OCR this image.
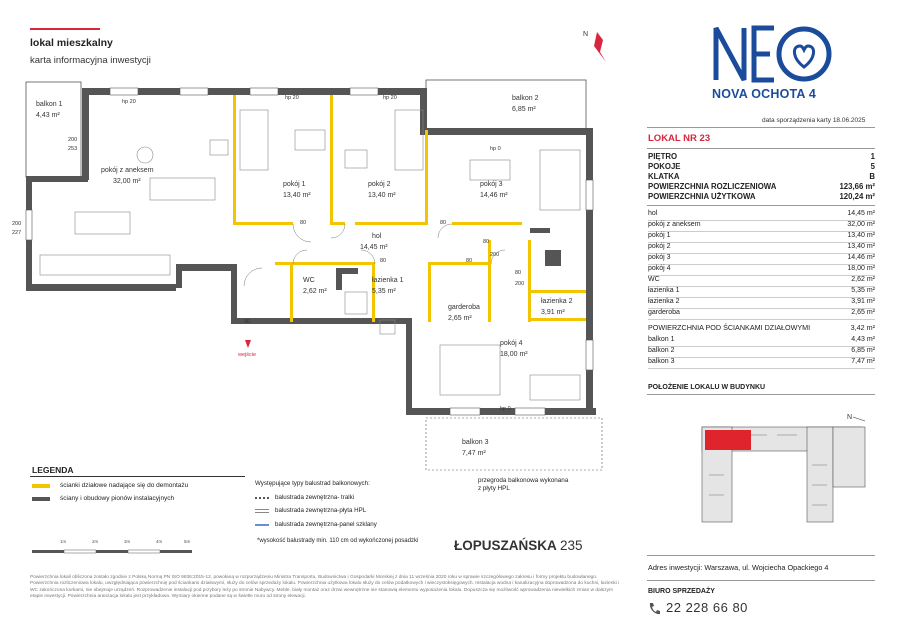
lokal mieszkalny
karta informacyjna inwestycji
wejście
N
balkon 1
4,43 m²
balkon 2
6,85 m²
balkon 3
7,47 m²
pokój z aneksem
32,00 m²	pokój 1
13,40 m²
pokój 2
13,40 m²
pokój 3
14,46 m²
pokój 4
18,00 m²
hol
14,45 m²
WC
2,62 m²
łazienka 1
5,35 m²
łazienka 2
3,91 m²
garderoba
2,65 m²
hp 20
hp 20	hp 20
hp 0
hp 0
200
253
200
227
80
200
80
200
90
80	80
80	80
LEGENDA
ścianki działowe nadające się do demontażu
ściany i obudowy pionów instalacyjnych
Występujące typy balustrad balkonowych:
balustrada zewnętrzna- tralki
balustrada zewnętrzna-płyta HPL
balustrada zewnętrzna-panel szklany
*wysokość balustrady min. 110 cm od wykończonej posadzki
przegroda balkonowa wykonana
z płyty HPL
1m	2m	3m	4m	5m	ŁOPUSZAŃSKA 235
Powierzchnia lokali obliczona zostało zgodnie z Polską Normą PN ISO 9836:2015-12, powołaną w rozporządzeniu Ministra Transportu, Budownictwa i Gospodarki Morskiej z dnia 11 września 2020 roku w sprawie szczegółowego zakresu i formy projektu budowlanego. Powierzchnia rozliczeniowa lokalu, uwzględniająca powierzchnię pod ściankami działowymi, służy do celów sprzedaży lokalu. Powierzchnia użytkowa lokalu służy do celów podatkowych i wieczystoksięgowych. Instalacja wodna i kanalizacyjna doprowadzona do kuchni, łazienki i WC zakończona korkami, nie obejmuje urządzeń. Rozprowadzenie instalacji pod przybory leży po stronie Nabywcy. Meble, biały montaż oraz drzwi wewnętrzne nie stanowią elementu wyposażenia lokalu. Dopuszcza się możliwość wprowadzenia niewielkich zmian w dalszym etapie inwestycji. Powierzchnia aranżacja lokalu jest przykładowa. Wymiary okienne podane są w świetle muru od strony elewacji.
NOVA OCHOTA 4
data sporządzenia karty 18.06.2025
LOKAL NR 23
PIĘTRO	1
POKOJE	5
KLATKA	B
POWIERZCHNIA ROZLICZENIOWA	123,66 m²
POWIERZCHNIA UŻYTKOWA	120,24 m²
hol	14,45 m²
pokój z aneksem	32,00 m²
pokój 1	13,40 m²
pokój 2	13,40 m²
pokój 3	14,46 m²
pokój 4	18,00 m²
WC	2,62 m²
łazienka 1	5,35 m²
łazienka 2	3,91 m²
garderoba	2,65 m²
POWIERZCHNIA POD ŚCIANKAMI DZIAŁOWYMI	3,42 m²
balkon 1	4,43 m²
balkon 2	6,85 m²
balkon 3	7,47 m²
POŁOŻENIE LOKALU W BUDYNKU
N
Adres inwestycji: Warszawa, ul. Wojciecha Opackiego 4
BIURO SPRZEDAŻY
22 228 66 80
